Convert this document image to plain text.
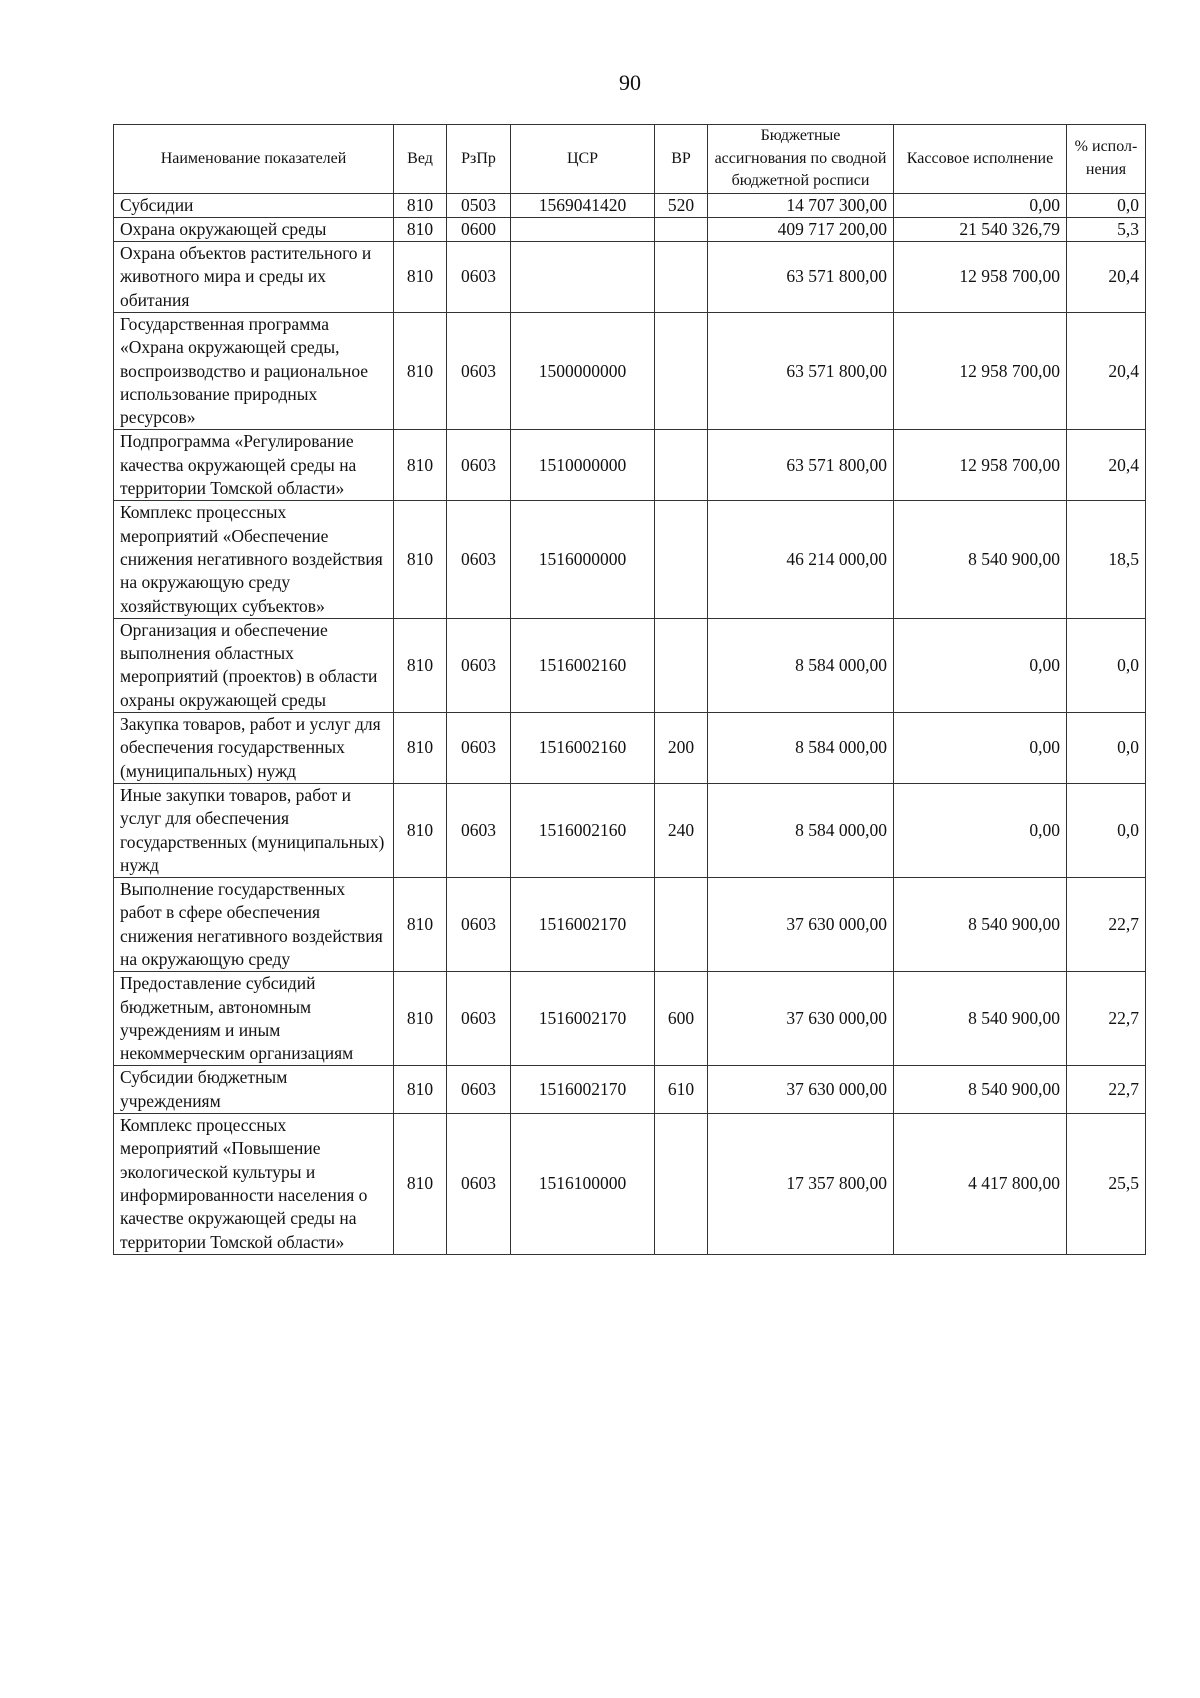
90
Наименование показателей	Вед	РзПр	ЦСР	ВР	Бюджетные ассигнования по сводной бюджетной росписи	Кассовое исполнение	% испол-нения
Субсидии	810	0503	1569041420	520	14 707 300,00	0,00	0,0
Охрана окружающей среды	810	0600			409 717 200,00	21 540 326,79	5,3
Охрана объектов растительного и животного мира и среды их обитания	810	0603			63 571 800,00	12 958 700,00	20,4
Государственная программа «Охрана окружающей среды, воспроизводство и рациональное использование природных ресурсов»	810	0603	1500000000		63 571 800,00	12 958 700,00	20,4
Подпрограмма «Регулирование качества окружающей среды на территории Томской области»	810	0603	1510000000		63 571 800,00	12 958 700,00	20,4
Комплекс процессных мероприятий «Обеспечение снижения негативного воздействия на окружающую среду хозяйствующих субъектов»	810	0603	1516000000		46 214 000,00	8 540 900,00	18,5
Организация и обеспечение выполнения областных мероприятий (проектов) в области охраны окружающей среды	810	0603	1516002160		8 584 000,00	0,00	0,0
Закупка товаров, работ и услуг для обеспечения государственных (муниципальных) нужд	810	0603	1516002160	200	8 584 000,00	0,00	0,0
Иные закупки товаров, работ и услуг для обеспечения государственных (муниципальных) нужд	810	0603	1516002160	240	8 584 000,00	0,00	0,0
Выполнение государственных работ в сфере обеспечения снижения негативного воздействия на окружающую среду	810	0603	1516002170		37 630 000,00	8 540 900,00	22,7
Предоставление субсидий бюджетным, автономным учреждениям и иным некоммерческим организациям	810	0603	1516002170	600	37 630 000,00	8 540 900,00	22,7
Субсидии бюджетным учреждениям	810	0603	1516002170	610	37 630 000,00	8 540 900,00	22,7
Комплекс процессных мероприятий «Повышение экологической культуры и информированности населения о качестве окружающей среды на территории Томской области»	810	0603	1516100000		17 357 800,00	4 417 800,00	25,5
